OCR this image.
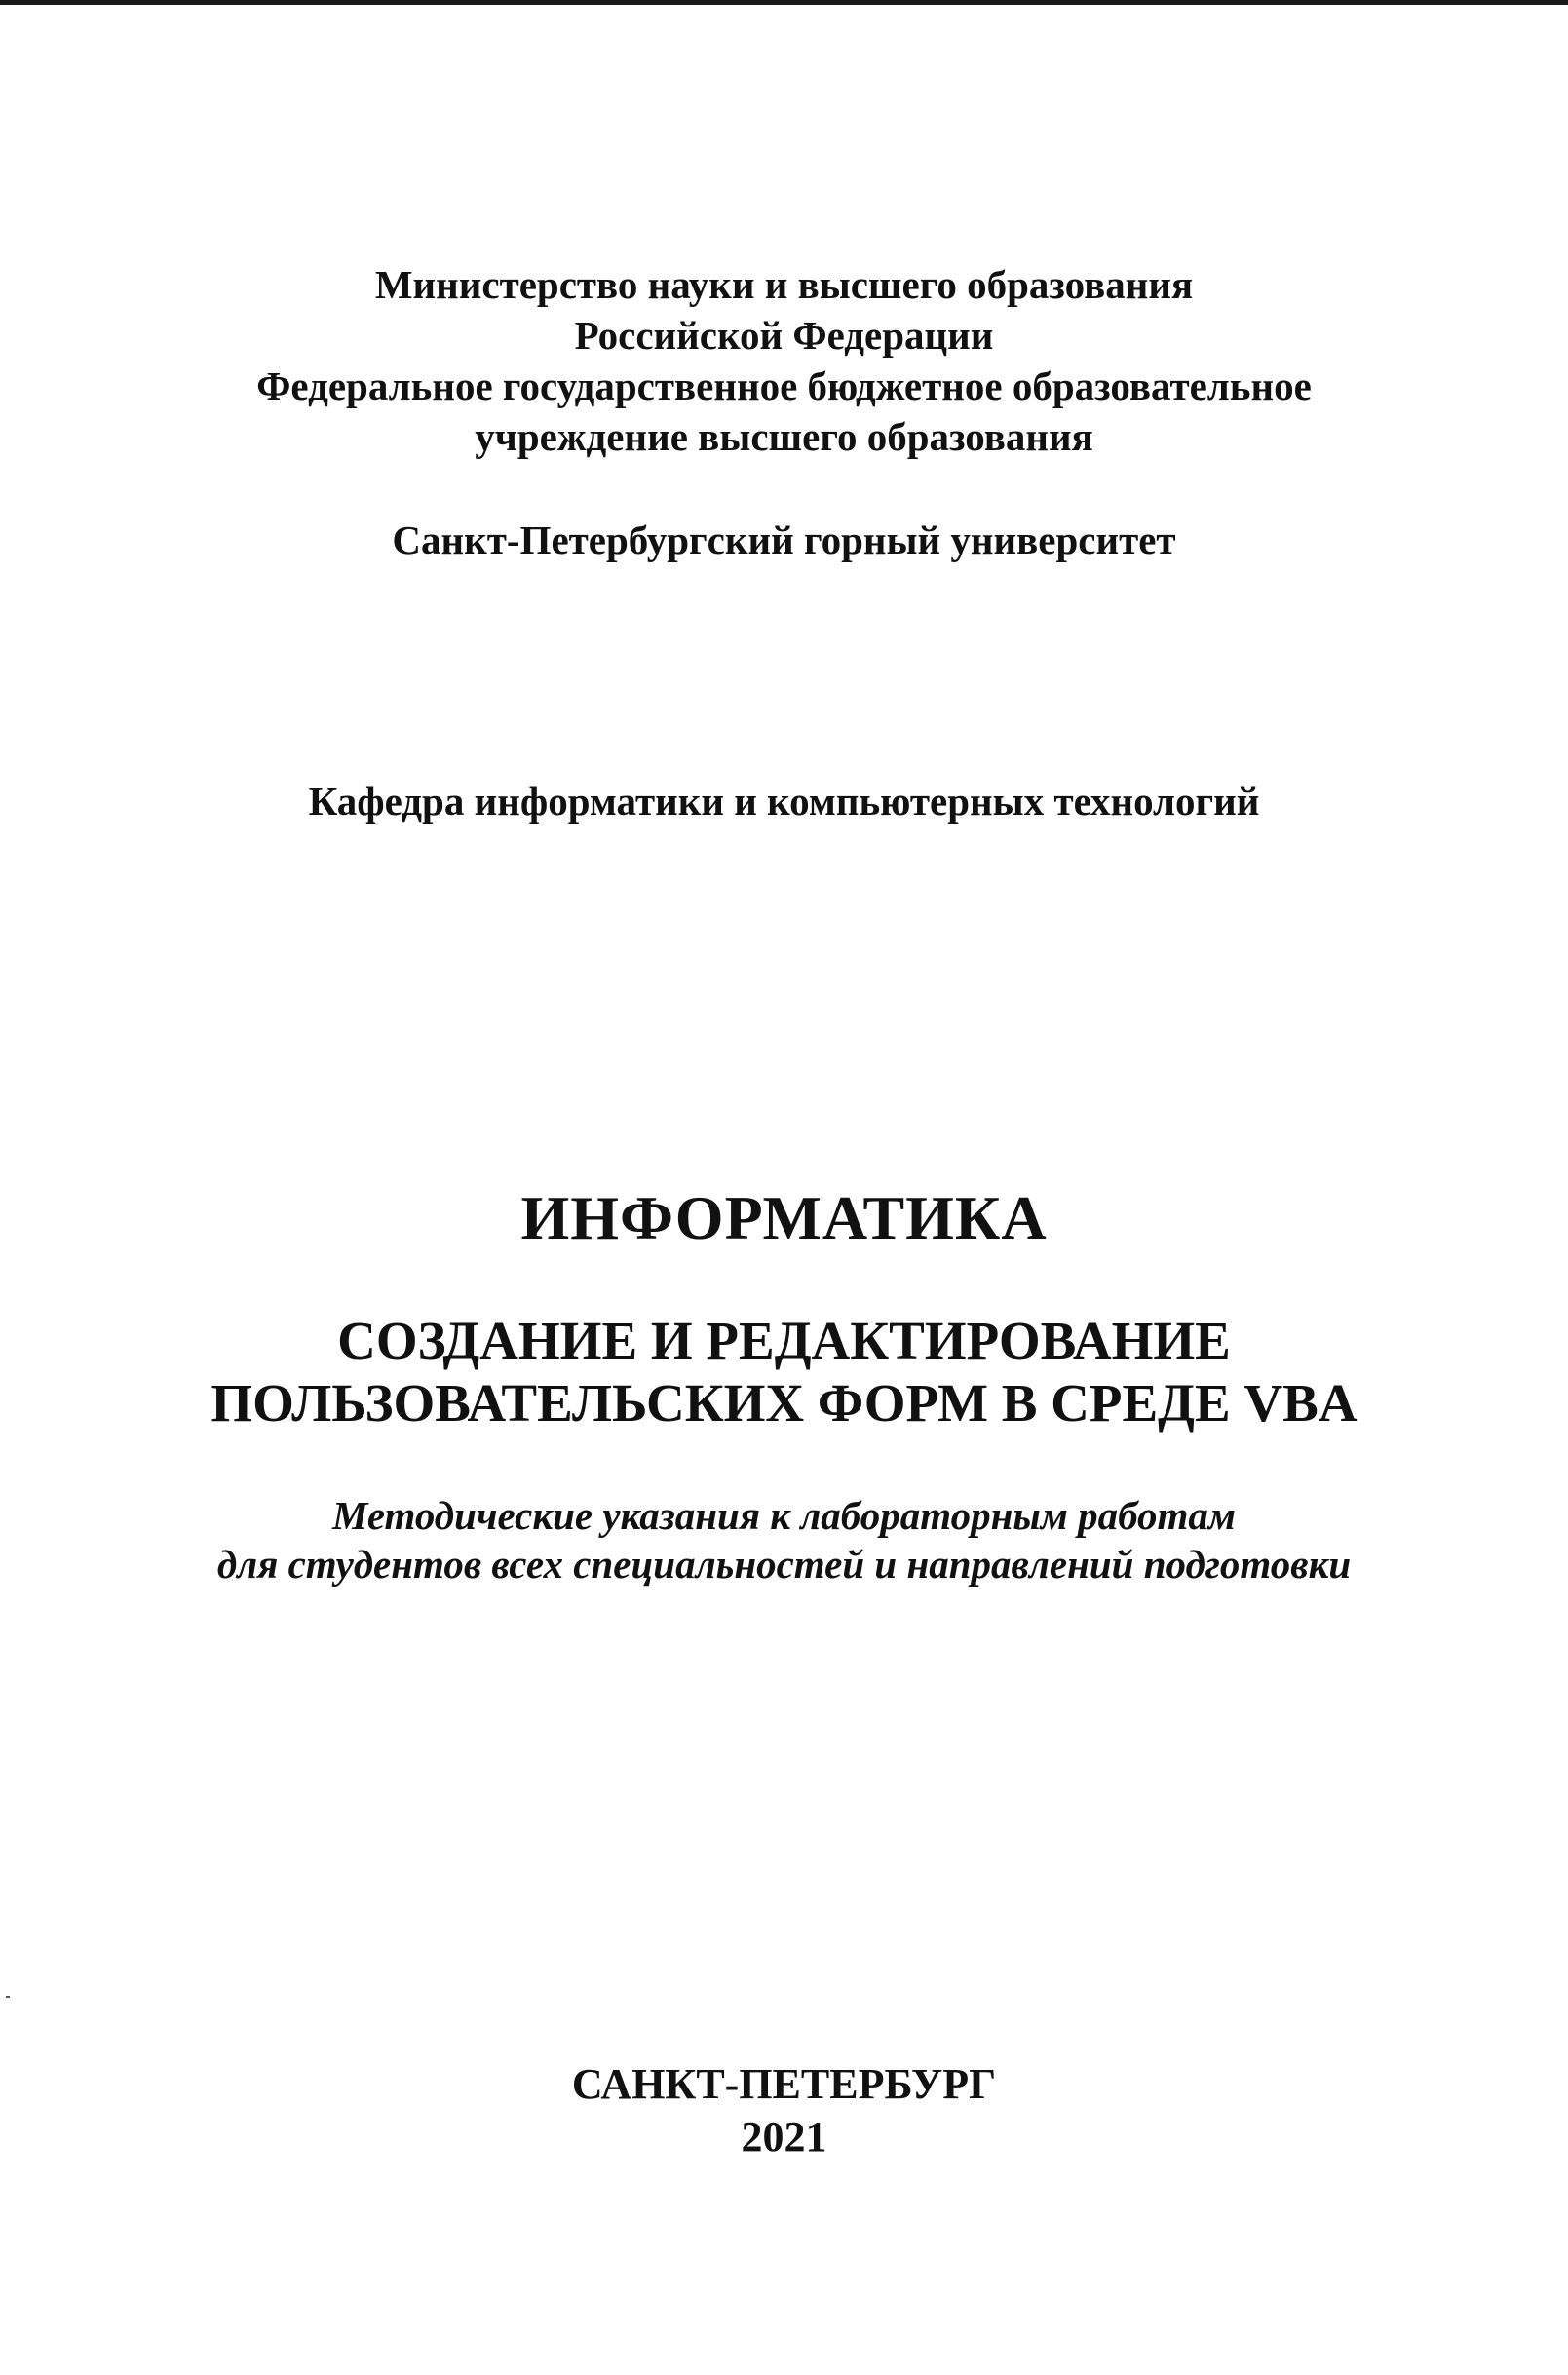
Министерство науки и высшего образования
Российской Федерации
Федеральное государственное бюджетное образовательное
учреждение высшего образования
Санкт-Петербургский горный университет
Кафедра информатики и компьютерных технологий
ИНФОРМАТИКА
СОЗДАНИЕ И РЕДАКТИРОВАНИЕ
ПОЛЬЗОВАТЕЛЬСКИХ ФОРМ В СРЕДЕ VBA
Методические указания к лабораторным работам
для студентов всех специальностей и направлений подготовки
САНКТ-ПЕТЕРБУРГ
2021
